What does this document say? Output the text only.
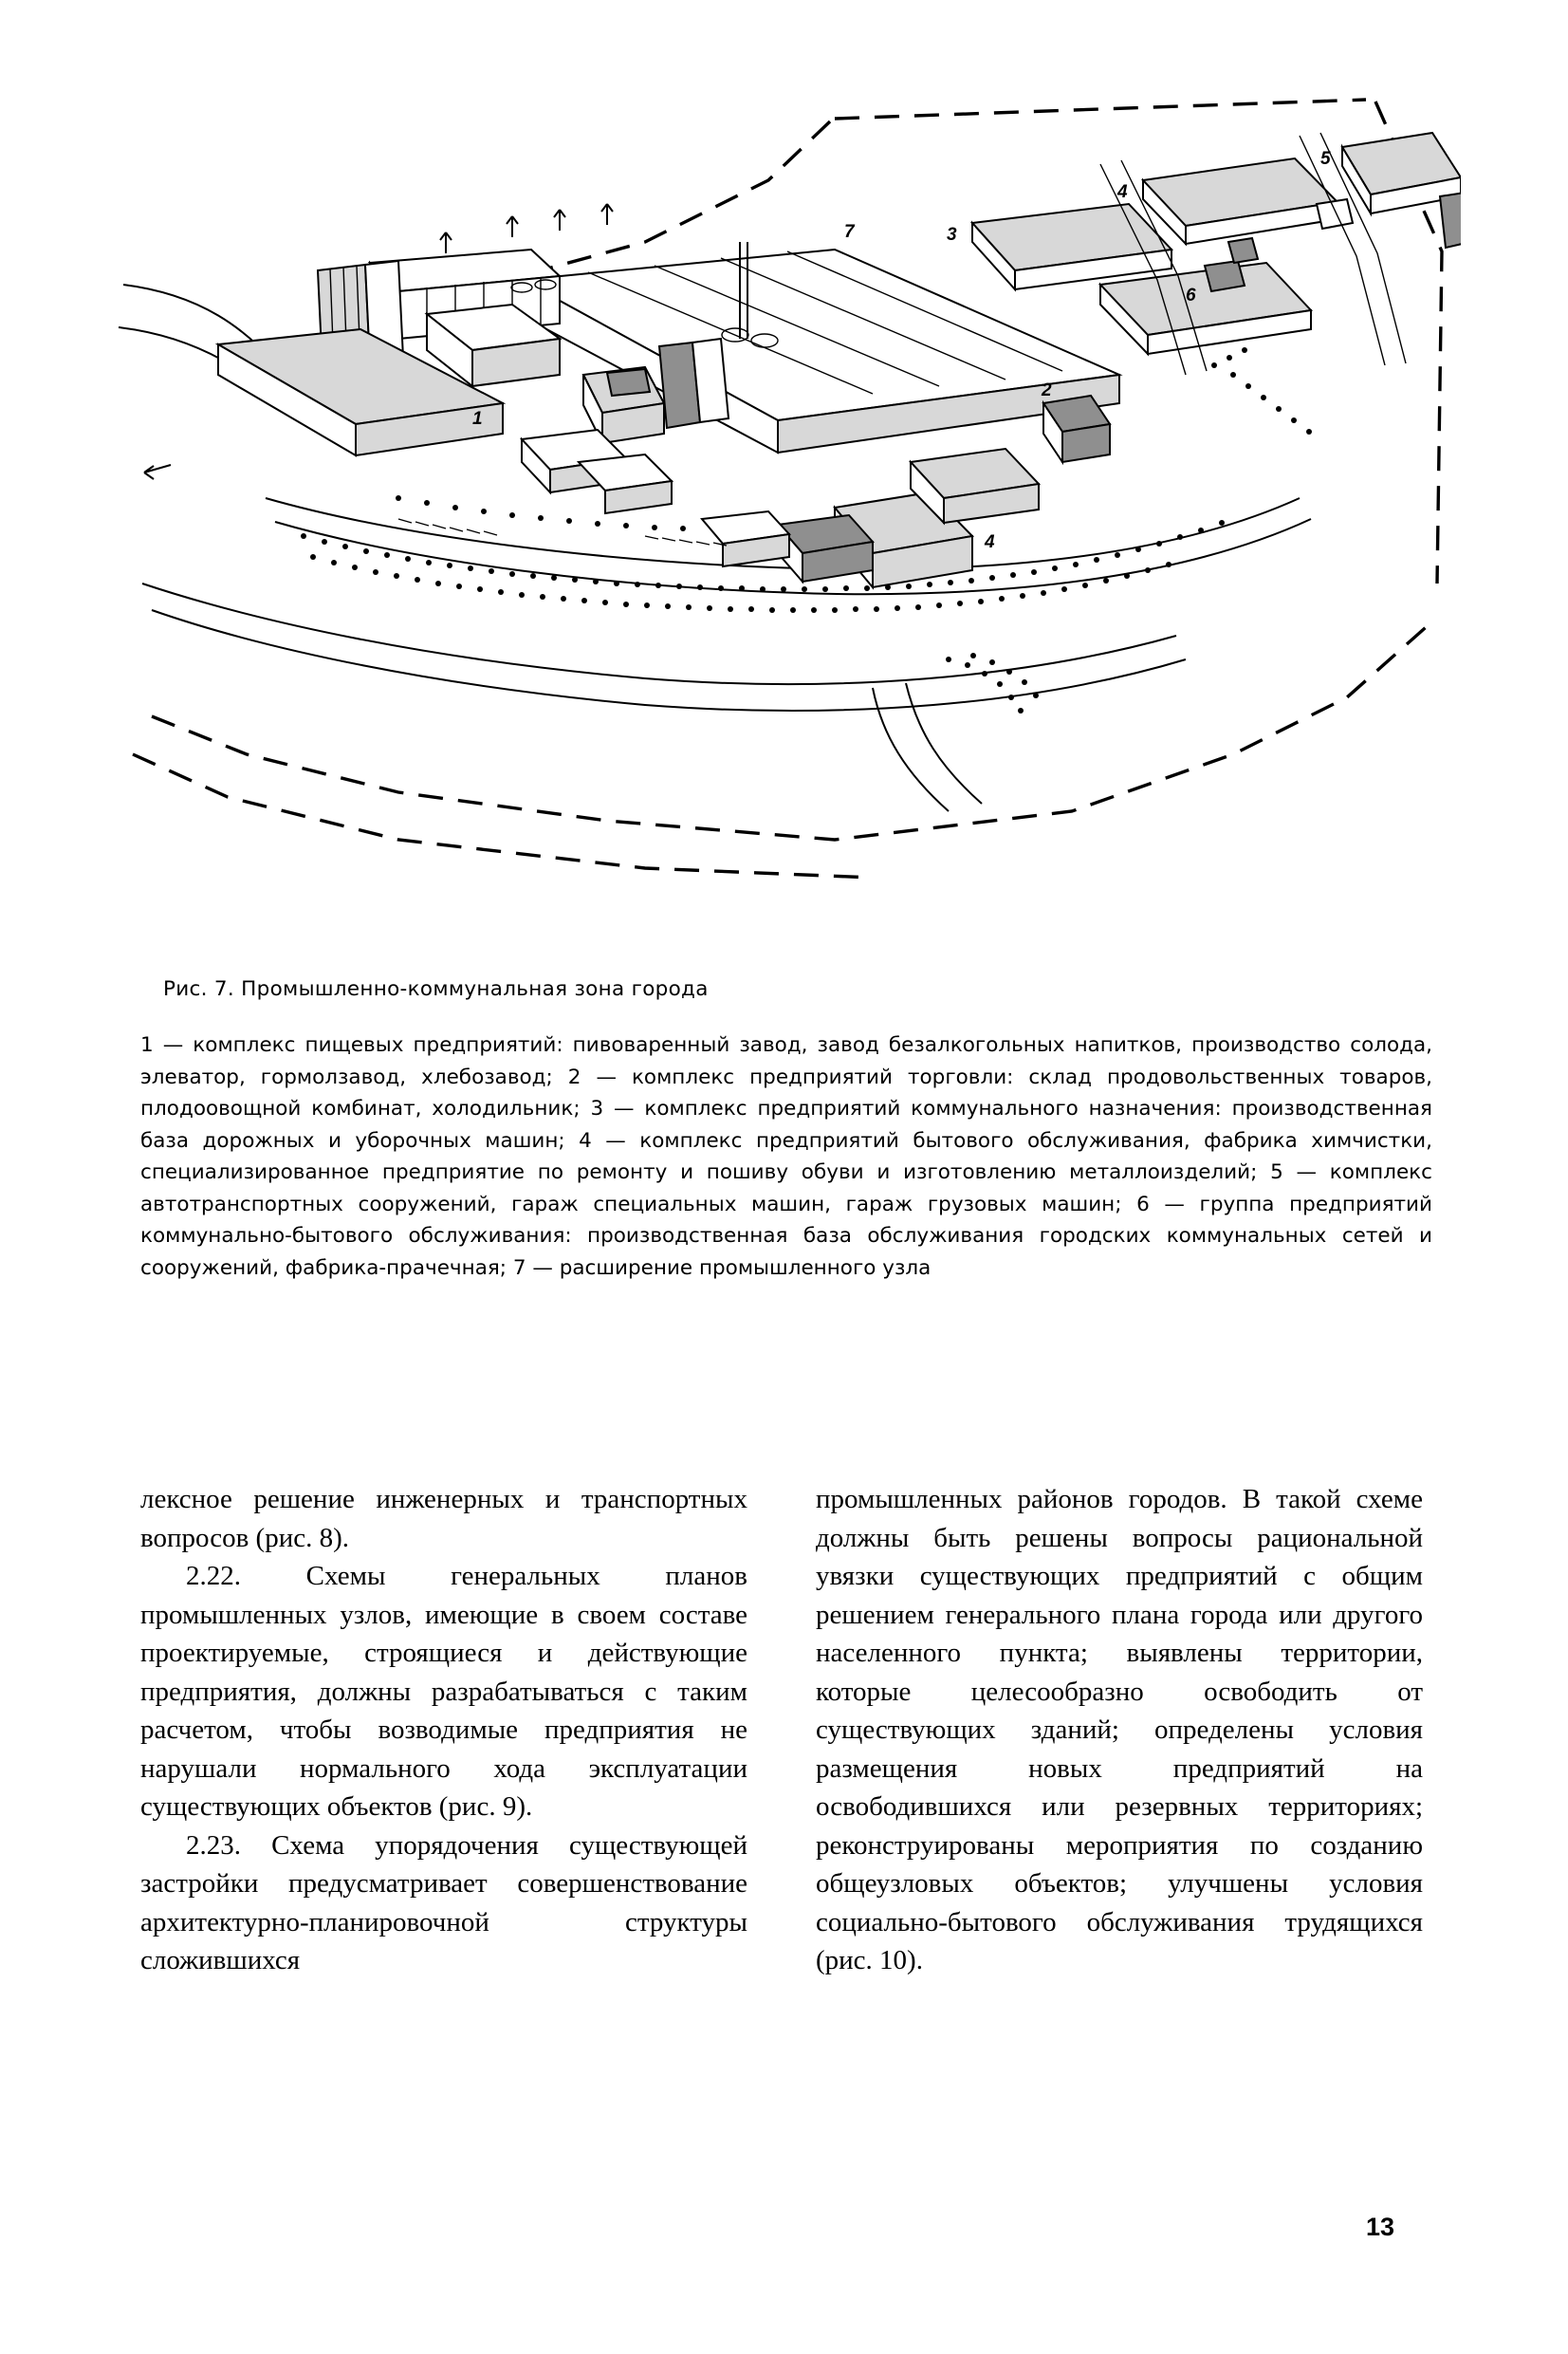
4
5
3
6
7
2
1
4
Рис. 7. Промышленно-коммунальная зона города
1 — комплекс пищевых предприятий: пивоваренный завод, завод безалкогольных напитков, производство солода, элеватор, гормолзавод, хлебозавод; 2 — комплекс предприятий торговли: склад продовольственных товаров, плодоовощной комбинат, холодильник; 3 — комплекс предприятий коммунального назначения: производственная база дорожных и уборочных машин; 4 — комплекс предприятий бытового обслуживания, фабрика химчистки, специализированное предприятие по ремонту и пошиву обуви и изготовлению металлоизделий; 5 — комплекс автотранспортных сооружений, гараж специальных машин, гараж грузовых машин; 6 — группа предприятий коммунально-бытового обслуживания: производственная база обслуживания городских коммунальных сетей и сооружений, фабрика-прачечная; 7 — расширение промышленного узла

лексное решение инженерных и транспортных вопросов (рис. 8).

2.22. Схемы генеральных планов промышленных узлов, имеющие в своем составе проектируемые, строящиеся и действующие предприятия, должны разрабатываться с таким расчетом, чтобы возводимые предприятия не нарушали нормального хода эксплуатации существующих объектов (рис. 9).

2.23. Схема упорядочения существующей застройки предусматривает совершенствование архитектурно-планировочной структуры сложившихся

промышленных районов городов. В такой схеме должны быть решены вопросы рациональной увязки существующих предприятий с общим решением генерального плана города или другого населенного пункта; выявлены территории, которые целесообразно освободить от существующих зданий; определены условия размещения новых предприятий на освободившихся или резервных территориях; реконструированы мероприятия по созданию общеузловых объектов; улучшены условия социально-бытового обслуживания трудящихся (рис. 10).

13
